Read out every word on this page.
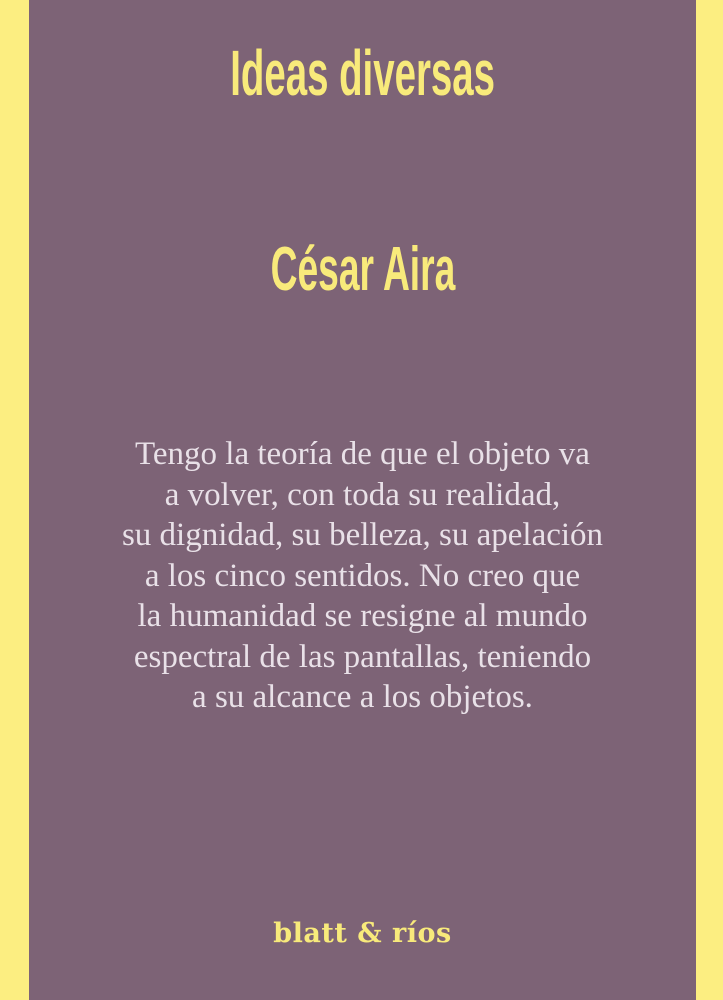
Ideas diversas
César Aira
Tengo la teoría de que el objeto va
a volver, con toda su realidad,
su dignidad, su belleza, su apelación
a los cinco sentidos. No creo que
la humanidad se resigne al mundo
espectral de las pantallas, teniendo
a su alcance a los objetos.
blatt & ríos
